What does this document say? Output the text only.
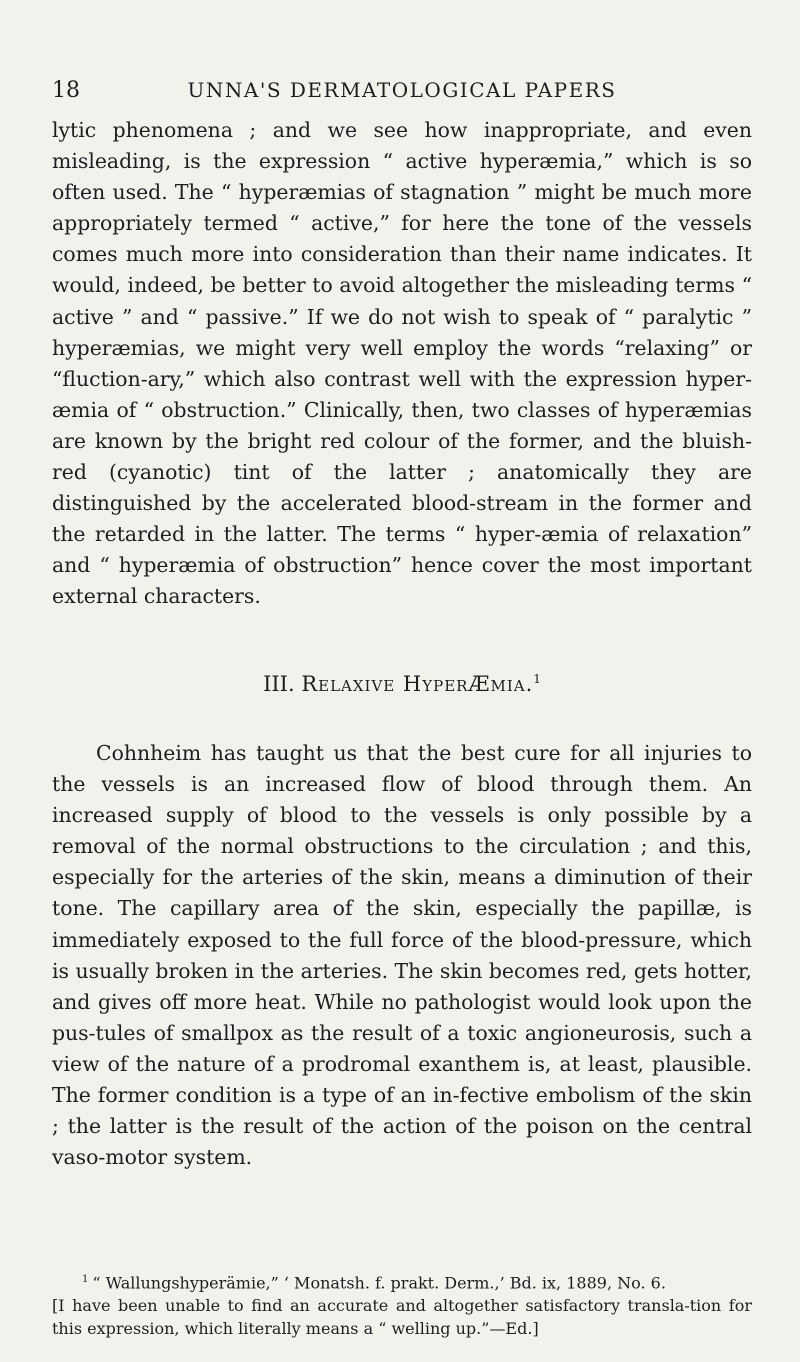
18	UNNA'S DERMATOLOGICAL PAPERS

lytic phenomena ; and we see how inappropriate, and even misleading, is the expression “ active hyperæmia,” which is so often used. The “ hyperæmias of stagnation ” might be much more appropriately termed “ active,” for here the tone of the vessels comes much more into consideration than their name indicates. It would, indeed, be better to avoid altogether the misleading terms “ active ” and “ passive.” If we do not wish to speak of “ paralytic ” hyperæmias, we might very well employ the words “relaxing” or “fluction-ary,” which also contrast well with the expression hyper-æmia of “ obstruction.” Clinically, then, two classes of hyperæmias are known by the bright red colour of the former, and the bluish-red (cyanotic) tint of the latter ; anatomically they are distinguished by the accelerated blood-stream in the former and the retarded in the latter. The terms “ hyper-æmia of relaxation” and “ hyperæmia of obstruction” hence cover the most important external characters.

III. Relaxive HyperÆmia.$^1$

Cohnheim has taught us that the best cure for all injuries to the vessels is an increased flow of blood through them. An increased supply of blood to the vessels is only possible by a removal of the normal obstructions to the circulation ; and this, especially for the arteries of the skin, means a diminution of their tone. The capillary area of the skin, especially the papillæ, is immediately exposed to the full force of the blood-pressure, which is usually broken in the arteries. The skin becomes red, gets hotter, and gives off more heat. While no pathologist would look upon the pus-tules of smallpox as the result of a toxic angioneurosis, such a view of the nature of a prodromal exanthem is, at least, plausible. The former condition is a type of an in-fective embolism of the skin ; the latter is the result of the action of the poison on the central vaso-motor system.

$^1$ “ Wallungshyperämie,” ‘ Monatsh. f. prakt. Derm.,’ Bd. ix, 1889, No. 6.

[I have been unable to find an accurate and altogether satisfactory transla-tion for this expression, which literally means a “ welling up.”—Ed.]
